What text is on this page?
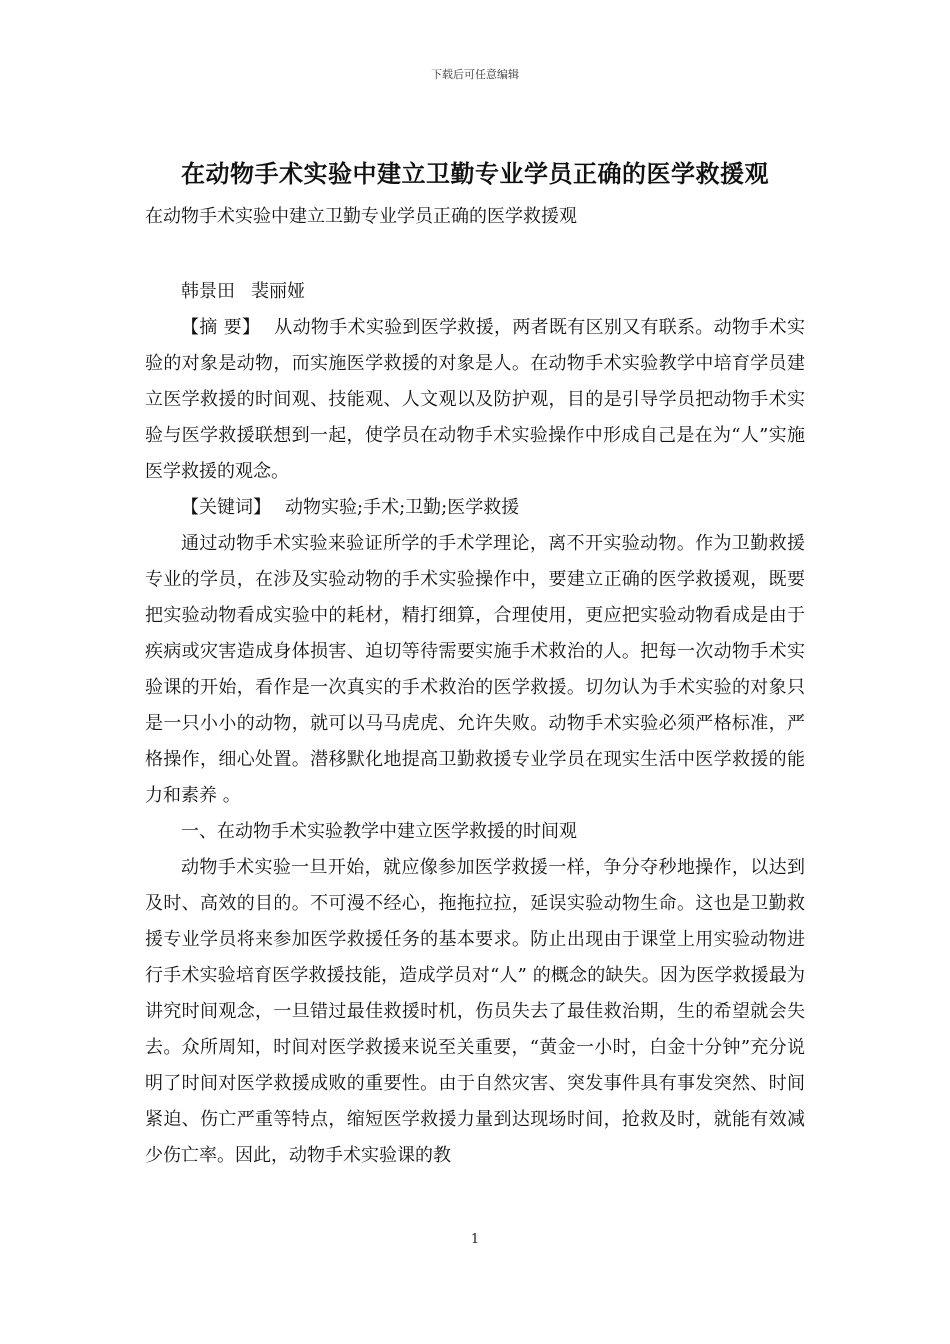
下载后可任意编辑
在动物手术实验中建立卫勤专业学员正确的医学救援观
在动物手术实验中建立卫勤专业学员正确的医学救援观

韩景田 裴丽娅

【摘 要】 从动物手术实验到医学救援，两者既有区别又有联系。动物手术实验的对象是动物，而实施医学救援的对象是人。在动物手术实验教学中培育学员建立医学救援的时间观、技能观、人文观以及防护观，目的是引导学员把动物手术实验与医学救援联想到一起，使学员在动物手术实验操作中形成自己是在为“人”实施医学救援的观念。

【关键词】 动物实验;手术;卫勤;医学救援

通过动物手术实验来验证所学的手术学理论，离不开实验动物。作为卫勤救援专业的学员，在涉及实验动物的手术实验操作中，要建立正确的医学救援观，既要把实验动物看成实验中的耗材，精打细算，合理使用，更应把实验动物看成是由于疾病或灾害造成身体损害、迫切等待需要实施手术救治的人。把每一次动物手术实验课的开始，看作是一次真实的手术救治的医学救援。切勿认为手术实验的对象只是一只小小的动物，就可以马马虎虎、允许失败。动物手术实验必须严格标准，严格操作，细心处置。潜移默化地提高卫勤救援专业学员在现实生活中医学救援的能力和素养 。

一、在动物手术实验教学中建立医学救援的时间观

动物手术实验一旦开始，就应像参加医学救援一样，争分夺秒地操作，以达到及时、高效的目的。不可漫不经心，拖拖拉拉，延误实验动物生命。这也是卫勤救援专业学员将来参加医学救援任务的基本要求。防止出现由于课堂上用实验动物进行手术实验培育医学救援技能，造成学员对“人” 的概念的缺失。因为医学救援最为讲究时间观念，一旦错过最佳救援时机，伤员失去了最佳救治期，生的希望就会失去。众所周知，时间对医学救援来说至关重要，“黄金一小时，白金十分钟”充分说明了时间对医学救援成败的重要性。由于自然灾害、突发事件具有事发突然、时间紧迫、伤亡严重等特点，缩短医学救援力量到达现场时间，抢救及时，就能有效减少伤亡率。因此，动物手术实验课的教

1
